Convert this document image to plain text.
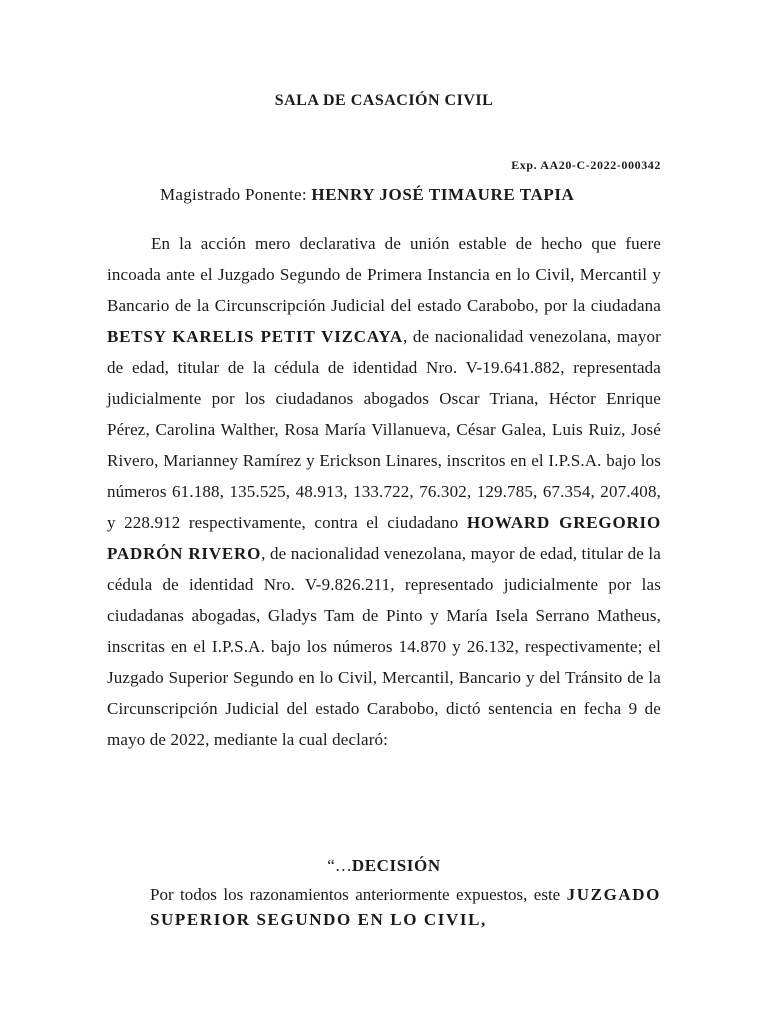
SALA DE CASACIÓN CIVIL
Exp. AA20-C-2022-000342
Magistrado Ponente: HENRY JOSÉ TIMAURE TAPIA

En la acción mero declarativa de unión estable de hecho que fuere incoada ante el Juzgado Segundo de Primera Instancia en lo Civil, Mercantil y Bancario de la Circunscripción Judicial del estado Carabobo, por la ciudadana BETSY KARELIS PETIT VIZCAYA, de nacionalidad venezolana, mayor de edad, titular de la cédula de identidad Nro. V-19.641.882, representada judicialmente por los ciudadanos abogados Oscar Triana, Héctor Enrique Pérez, Carolina Walther, Rosa María Villanueva, César Galea, Luis Ruiz, José Rivero, Marianney Ramírez y Erickson Linares, inscritos en el I.P.S.A. bajo los números 61.188, 135.525, 48.913, 133.722, 76.302, 129.785, 67.354, 207.408, y 228.912 respectivamente, contra el ciudadano HOWARD GREGORIO PADRÓN RIVERO, de nacionalidad venezolana, mayor de edad, titular de la cédula de identidad Nro. V-9.826.211, representado judicialmente por las ciudadanas abogadas, Gladys Tam de Pinto y María Isela Serrano Matheus, inscritas en el I.P.S.A. bajo los números 14.870 y 26.132, respectivamente; el Juzgado Superior Segundo en lo Civil, Mercantil, Bancario y del Tránsito de la Circunscripción Judicial del estado Carabobo, dictó sentencia en fecha 9 de mayo de 2022, mediante la cual declaró:

“…DECISIÓN

Por todos los razonamientos anteriormente expuestos, este JUZGADO SUPERIOR SEGUNDO EN LO CIVIL,
